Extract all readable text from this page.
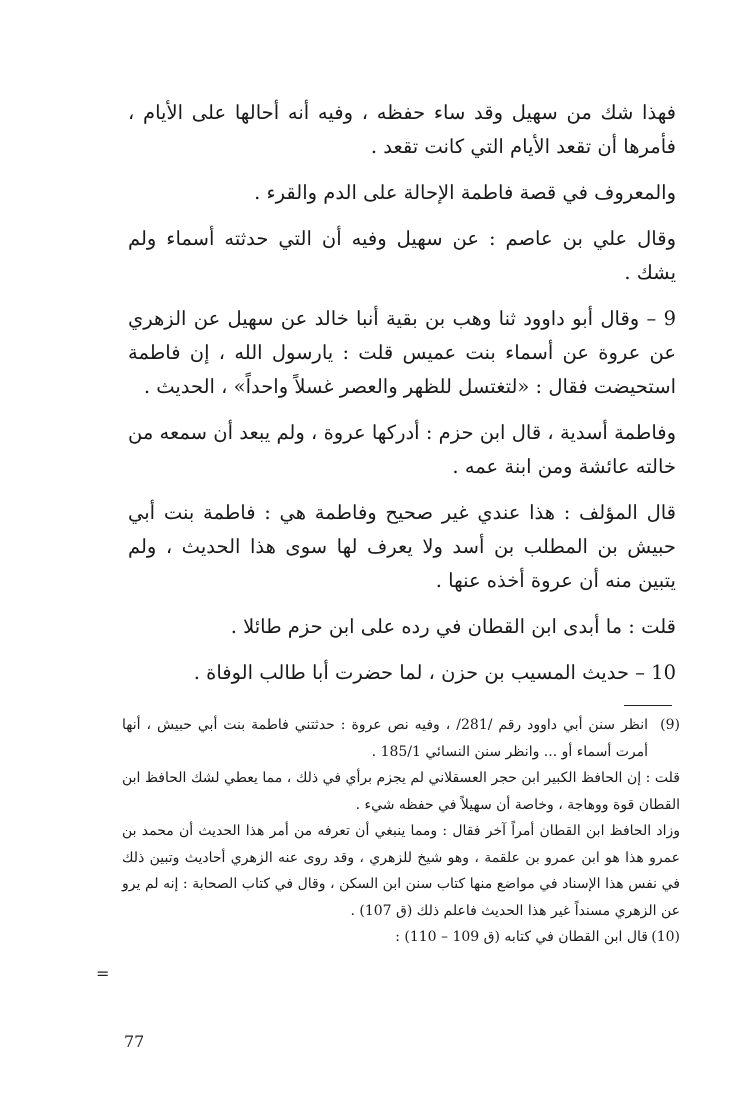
فهذا شك من سهيل وقد ساء حفظه ، وفيه أنه أحالها على الأيام ، فأمرها أن تقعد الأيام التي كانت تقعد .

والمعروف في قصة فاطمة الإحالة على الدم والقرء .

وقال علي بن عاصم : عن سهيل وفيه أن التي حدثته أسماء ولم يشك .

9 – وقال أبو داوود ثنا وهب بن بقية أنبا خالد عن سهيل عن الزهري عن عروة عن أسماء بنت عميس قلت : يارسول الله ، إن فاطمة استحيضت فقال : «لتغتسل للظهر والعصر غسلاً واحداً» ، الحديث .

وفاطمة أسدية ، قال ابن حزم : أدركها عروة ، ولم يبعد أن سمعه من خالته عائشة ومن ابنة عمه .

قال المؤلف : هذا عندي غير صحيح وفاطمة هي : فاطمة بنت أبي حبيش بن المطلب بن أسد ولا يعرف لها سوى هذا الحديث ، ولم يتبين منه أن عروة أخذه عنها .

قلت : ما أبدى ابن القطان في رده على ابن حزم طائلا .

10 – حديث المسيب بن حزن ، لما حضرت أبا طالب الوفاة .

(9)انظر سنن أبي داوود رقم /281/ ، وفيه نص عروة : حدثتني فاطمة بنت أبي حبيش ، أنها أمرت أسماء أو ... وانظر سنن النسائي 185/1 .

قلت : إن الحافظ الكبير ابن حجر العسقلاني لم يجزم برأي في ذلك ، مما يعطي لشك الحافظ ابن القطان قوة ووهاجة ، وخاصة أن سهيلاً في حفظه شيء .

وزاد الحافظ ابن القطان أمراً آخر فقال : ومما ينبغي أن تعرفه من أمر هذا الحديث أن محمد بن عمرو هذا هو ابن عمرو بن علقمة ، وهو شيخ للزهري ، وقد روى عنه الزهري أحاديث وتبين ذلك في نفس هذا الإسناد في مواضع منها كتاب سنن ابن السكن ، وقال في كتاب الصحابة : إنه لم يرو عن الزهري مسنداً غير هذا الحديث فاعلم ذلك (ق 107) .

(10)قال ابن القطان في كتابه (ق 109 – 110) :

=
77
